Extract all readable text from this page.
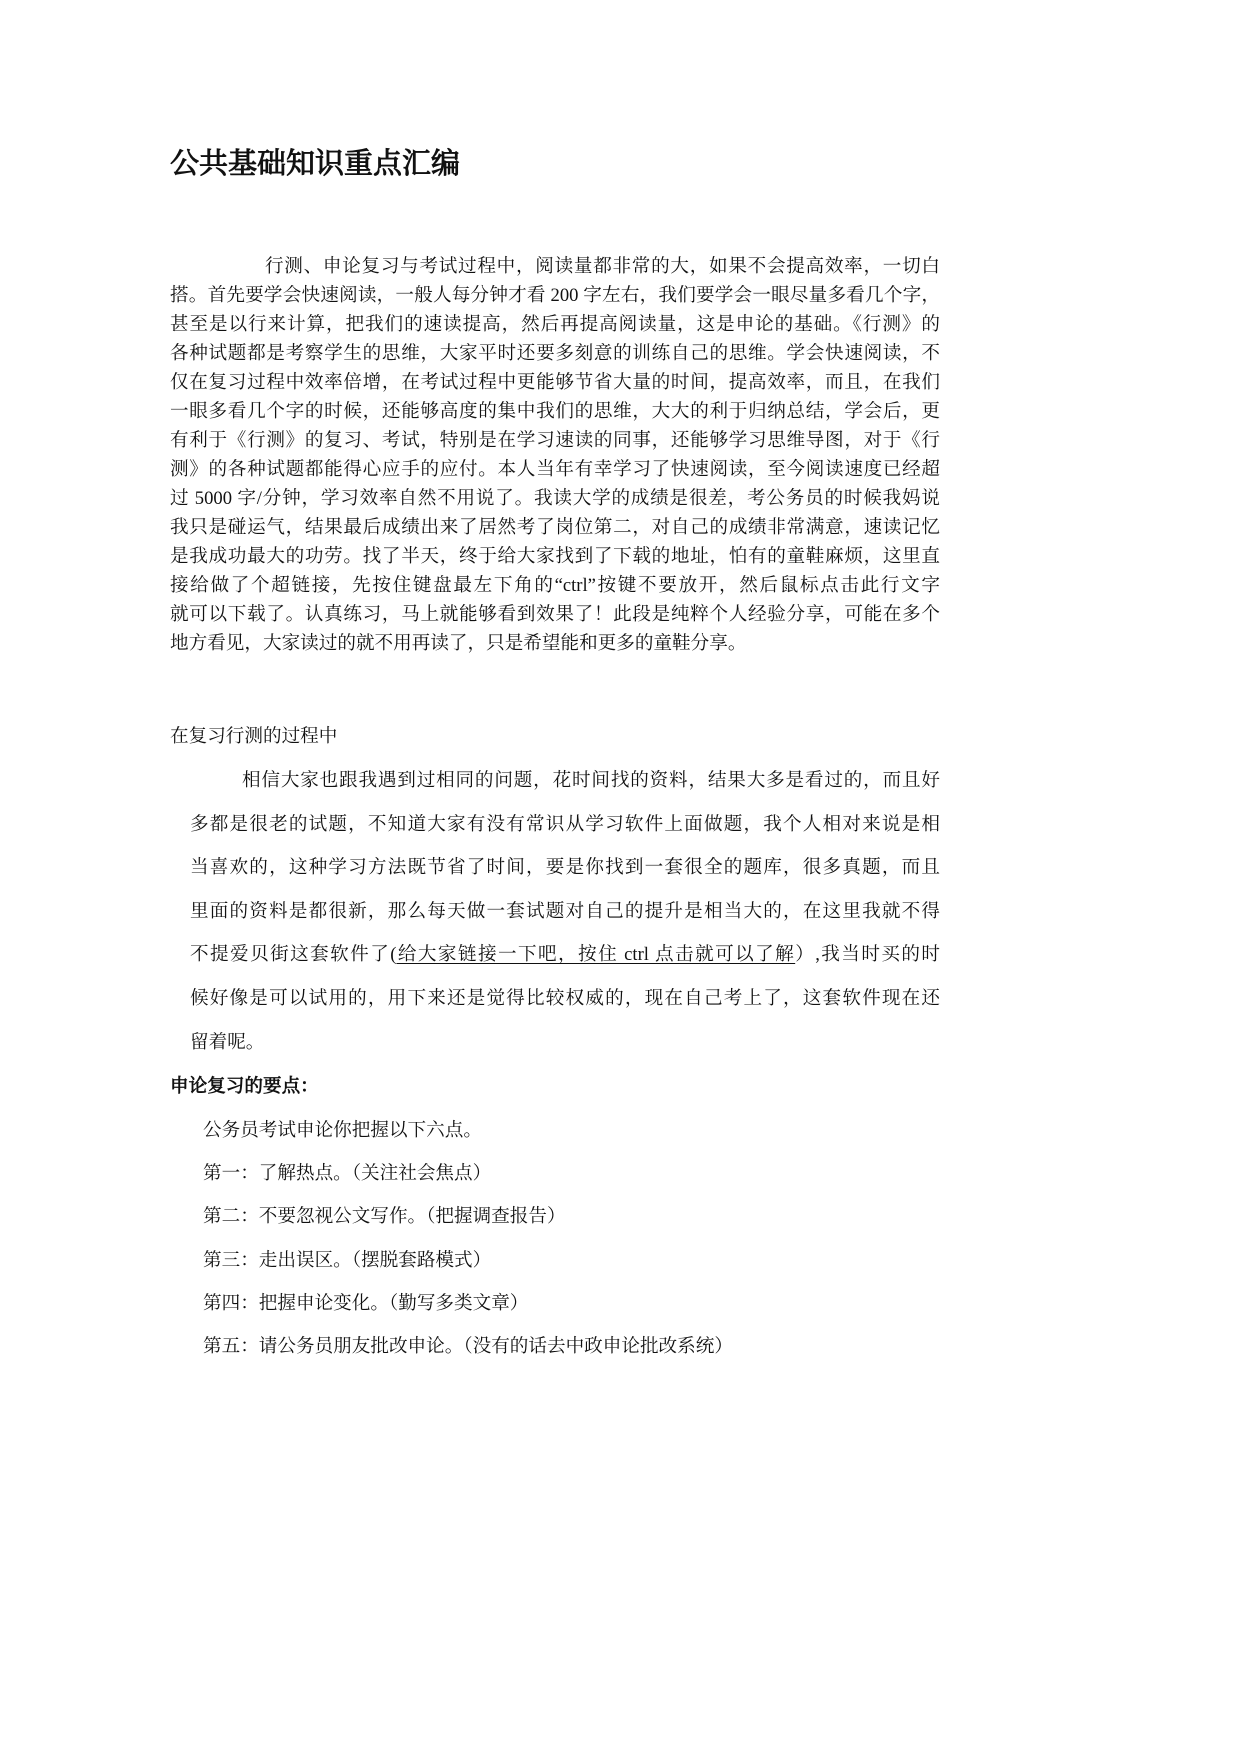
公共基础知识重点汇编
行测、申论复习与考试过程中，阅读量都非常的大，如果不会提高效率，一切白
搭。首先要学会快速阅读，一般人每分钟才看 200 字左右，我们要学会一眼尽量多看几个字，
甚至是以行来计算，把我们的速读提高，然后再提高阅读量，这是申论的基础。《行测》的
各种试题都是考察学生的思维，大家平时还要多刻意的训练自己的思维。学会快速阅读，不
仅在复习过程中效率倍增，在考试过程中更能够节省大量的时间，提高效率，而且，在我们
一眼多看几个字的时候，还能够高度的集中我们的思维，大大的利于归纳总结，学会后，更
有利于《行测》的复习、考试，特别是在学习速读的同事，还能够学习思维导图，对于《行
测》的各种试题都能得心应手的应付。本人当年有幸学习了快速阅读，至今阅读速度已经超
过 5000 字/分钟，学习效率自然不用说了。我读大学的成绩是很差，考公务员的时候我妈说
我只是碰运气，结果最后成绩出来了居然考了岗位第二，对自己的成绩非常满意，速读记忆
是我成功最大的功劳。找了半天，终于给大家找到了下载的地址，怕有的童鞋麻烦，这里直
接给做了个超链接，先按住键盘最左下角的“ctrl”按键不要放开，然后鼠标点击此行文字
就可以下载了。认真练习，马上就能够看到效果了！此段是纯粹个人经验分享，可能在多个
地方看见，大家读过的就不用再读了，只是希望能和更多的童鞋分享。
在复习行测的过程中
相信大家也跟我遇到过相同的问题，花时间找的资料，结果大多是看过的，而且好
多都是很老的试题，不知道大家有没有常识从学习软件上面做题，我个人相对来说是相
当喜欢的，这种学习方法既节省了时间，要是你找到一套很全的题库，很多真题，而且
里面的资料是都很新，那么每天做一套试题对自己的提升是相当大的，在这里我就不得
不提爱贝街这套软件了(给大家链接一下吧，按住 ctrl 点击就可以了解）,我当时买的时
候好像是可以试用的，用下来还是觉得比较权威的，现在自己考上了，这套软件现在还
留着呢。
申论复习的要点：
公务员考试申论你把握以下六点。
第一：了解热点。（关注社会焦点）
第二：不要忽视公文写作。（把握调查报告）
第三：走出误区。（摆脱套路模式）
第四：把握申论变化。（勤写多类文章）
第五：请公务员朋友批改申论。（没有的话去中政申论批改系统）
